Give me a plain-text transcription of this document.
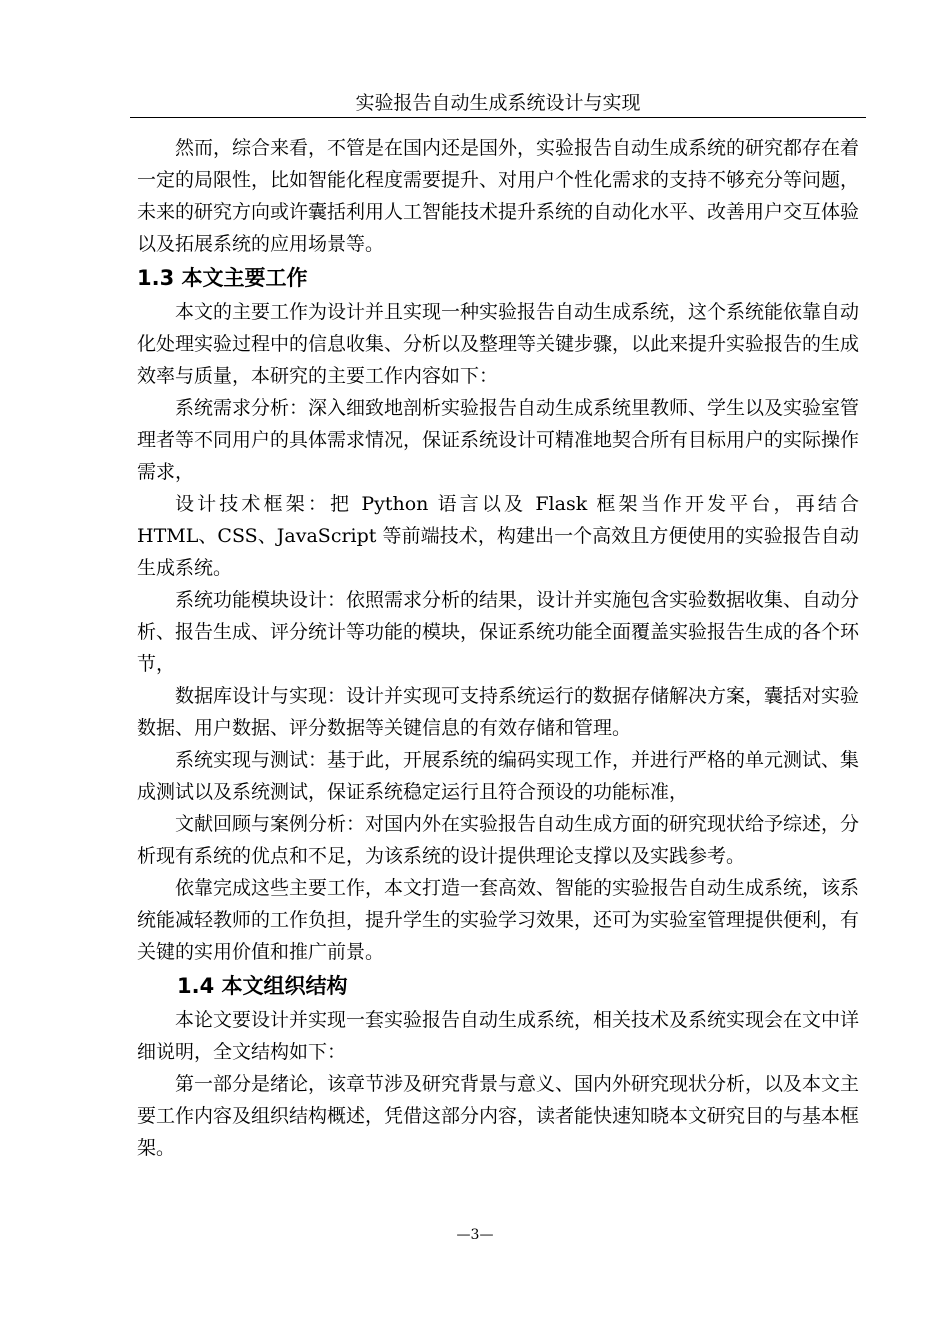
实验报告自动生成系统设计与实现

然而，综合来看，不管是在国内还是国外，实验报告自动生成系统的研究都存在着一定的局限性，比如智能化程度需要提升、对用户个性化需求的支持不够充分等问题，未来的研究方向或许囊括利用人工智能技术提升系统的自动化水平、改善用户交互体验以及拓展系统的应用场景等。

1.3 本文主要工作

本文的主要工作为设计并且实现一种实验报告自动生成系统，这个系统能依靠自动化处理实验过程中的信息收集、分析以及整理等关键步骤，以此来提升实验报告的生成效率与质量，本研究的主要工作内容如下：

系统需求分析：深入细致地剖析实验报告自动生成系统里教师、学生以及实验室管理者等不同用户的具体需求情况，保证系统设计可精准地契合所有目标用户的实际操作需求，

设计技术框架：把 Python 语言以及 Flask 框架当作开发平台，再结合 HTML、CSS、JavaScript 等前端技术，构建出一个高效且方便使用的实验报告自动生成系统。

系统功能模块设计：依照需求分析的结果，设计并实施包含实验数据收集、自动分析、报告生成、评分统计等功能的模块，保证系统功能全面覆盖实验报告生成的各个环节，

数据库设计与实现：设计并实现可支持系统运行的数据存储解决方案，囊括对实验数据、用户数据、评分数据等关键信息的有效存储和管理。

系统实现与测试：基于此，开展系统的编码实现工作，并进行严格的单元测试、集成测试以及系统测试，保证系统稳定运行且符合预设的功能标准，

文献回顾与案例分析：对国内外在实验报告自动生成方面的研究现状给予综述，分析现有系统的优点和不足，为该系统的设计提供理论支撑以及实践参考。

依靠完成这些主要工作，本文打造一套高效、智能的实验报告自动生成系统，该系统能减轻教师的工作负担，提升学生的实验学习效果，还可为实验室管理提供便利，有关键的实用价值和推广前景。

1.4 本文组织结构

本论文要设计并实现一套实验报告自动生成系统，相关技术及系统实现会在文中详细说明，全文结构如下：

第一部分是绪论，该章节涉及研究背景与意义、国内外研究现状分析，以及本文主要工作内容及组织结构概述，凭借这部分内容，读者能快速知晓本文研究目的与基本框架。

—3—
